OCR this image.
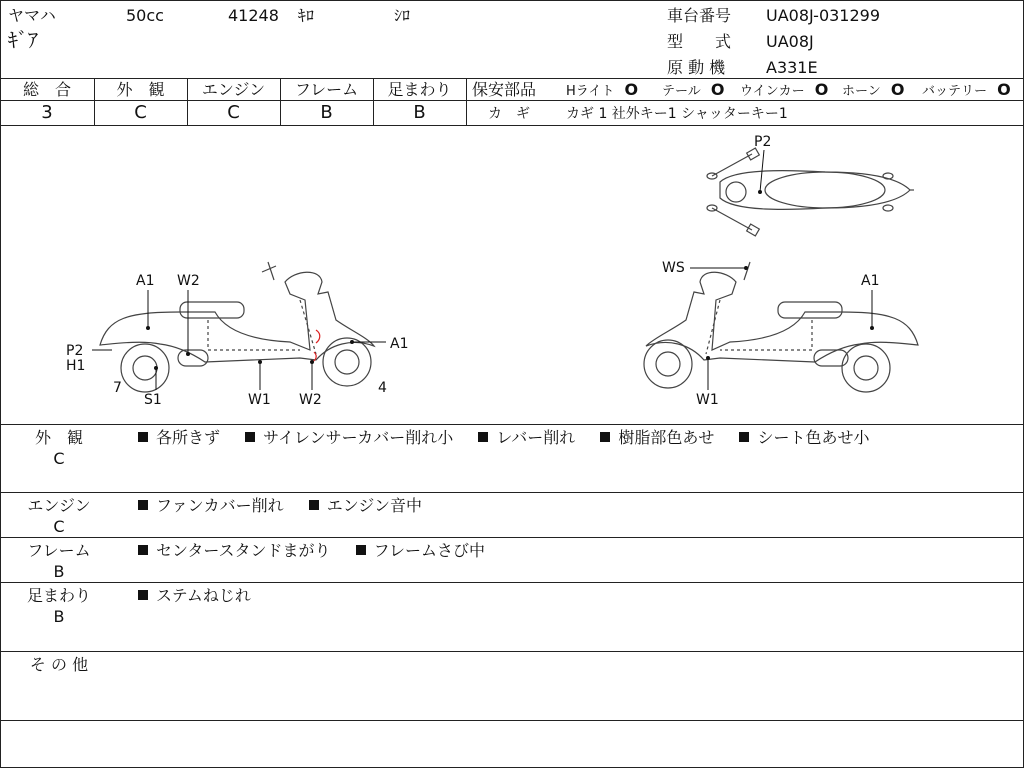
ヤマハ	50cc	41248 ｷﾛ	ｼﾛ
ｷﾞｱ
車台番号 UA08J-031299
型　　式 UA08J
原 動 機	A331E
総　合
3
外　観
C
エンジン
C
フレーム
B
足まわり
B
保安部品 Hライト O テール O ウインカー O ホーン O バッテリー O
カ　ギ	カギ 1 社外キー1 シャッターキー1
P2
A1 W2
P2
H1
7
S1	W1 W2
4
A1
WS
A1
W1
外　観
C
各所きず	サイレンサーカバー削れ小	レバー削れ	樹脂部色あせ	シート色あせ小
エンジン
C
ファンカバー削れ	エンジン音中
フレーム
B
センタースタンドまがり	フレームさび中
足まわり
B
ステムねじれ
そ の 他
